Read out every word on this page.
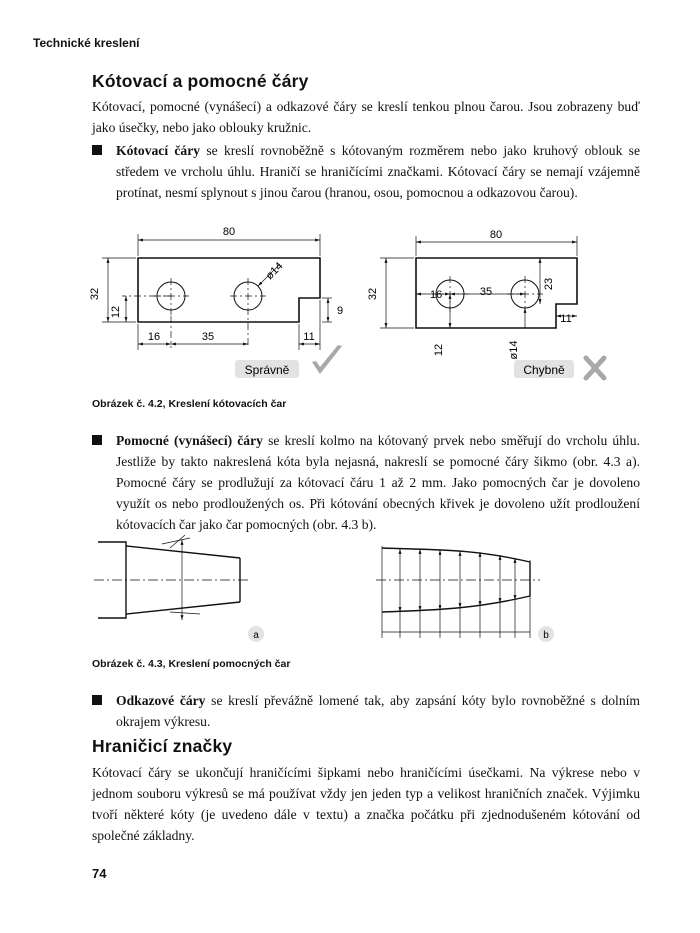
Technické kreslení
Kótovací a pomocné čáry
Kótovací, pomocné (vynášecí) a odkazové čáry se kreslí tenkou plnou čarou. Jsou zobrazeny buď jako úsečky, nebo jako oblouky kružnic.
Kótovací čáry se kreslí rovnoběžně s kótovaným rozměrem nebo jako kruhový oblouk se středem ve vrcholu úhlu. Hraničí se hraničícími značkami. Kótovací čáry se nemají vzájemně protínat, nesmí splynout s jinou čarou (hranou, osou, pomocnou a odkazovou čarou).
80
32
12
ø14
16	35	11
9
Správně
80
32	16	35
23
11
12	ø14
Chybně
Obrázek č. 4.2, Kreslení kótovacích čar
Pomocné (vynášecí) čáry se kreslí kolmo na kótovaný prvek nebo směřují do vrcholu úhlu. Jestliže by takto nakreslená kóta byla nejasná, nakreslí se pomocné čáry šikmo (obr. 4.3 a). Pomocné čáry se prodlužují za kótovací čáru 1 až 2 mm. Jako pomocných čar je dovoleno využít os nebo prodloužených os. Při kótování obecných křivek je dovoleno užít prodloužení kótovacích čar jako čar pomocných (obr. 4.3 b).
a	b
Obrázek č. 4.3, Kreslení pomocných čar
Odkazové čáry se kreslí převážně lomené tak, aby zapsání kóty bylo rovnoběžné s dolním okrajem výkresu.
Hraničicí značky
Kótovací čáry se ukončují hraničícími šipkami nebo hraničícími úsečkami. Na výkrese nebo v jednom souboru výkresů se má používat vždy jen jeden typ a velikost hraničních značek. Výjimku tvoří některé kóty (je uvedeno dále v textu) a značka počátku při zjednodušeném kótování od společné základny.
74
